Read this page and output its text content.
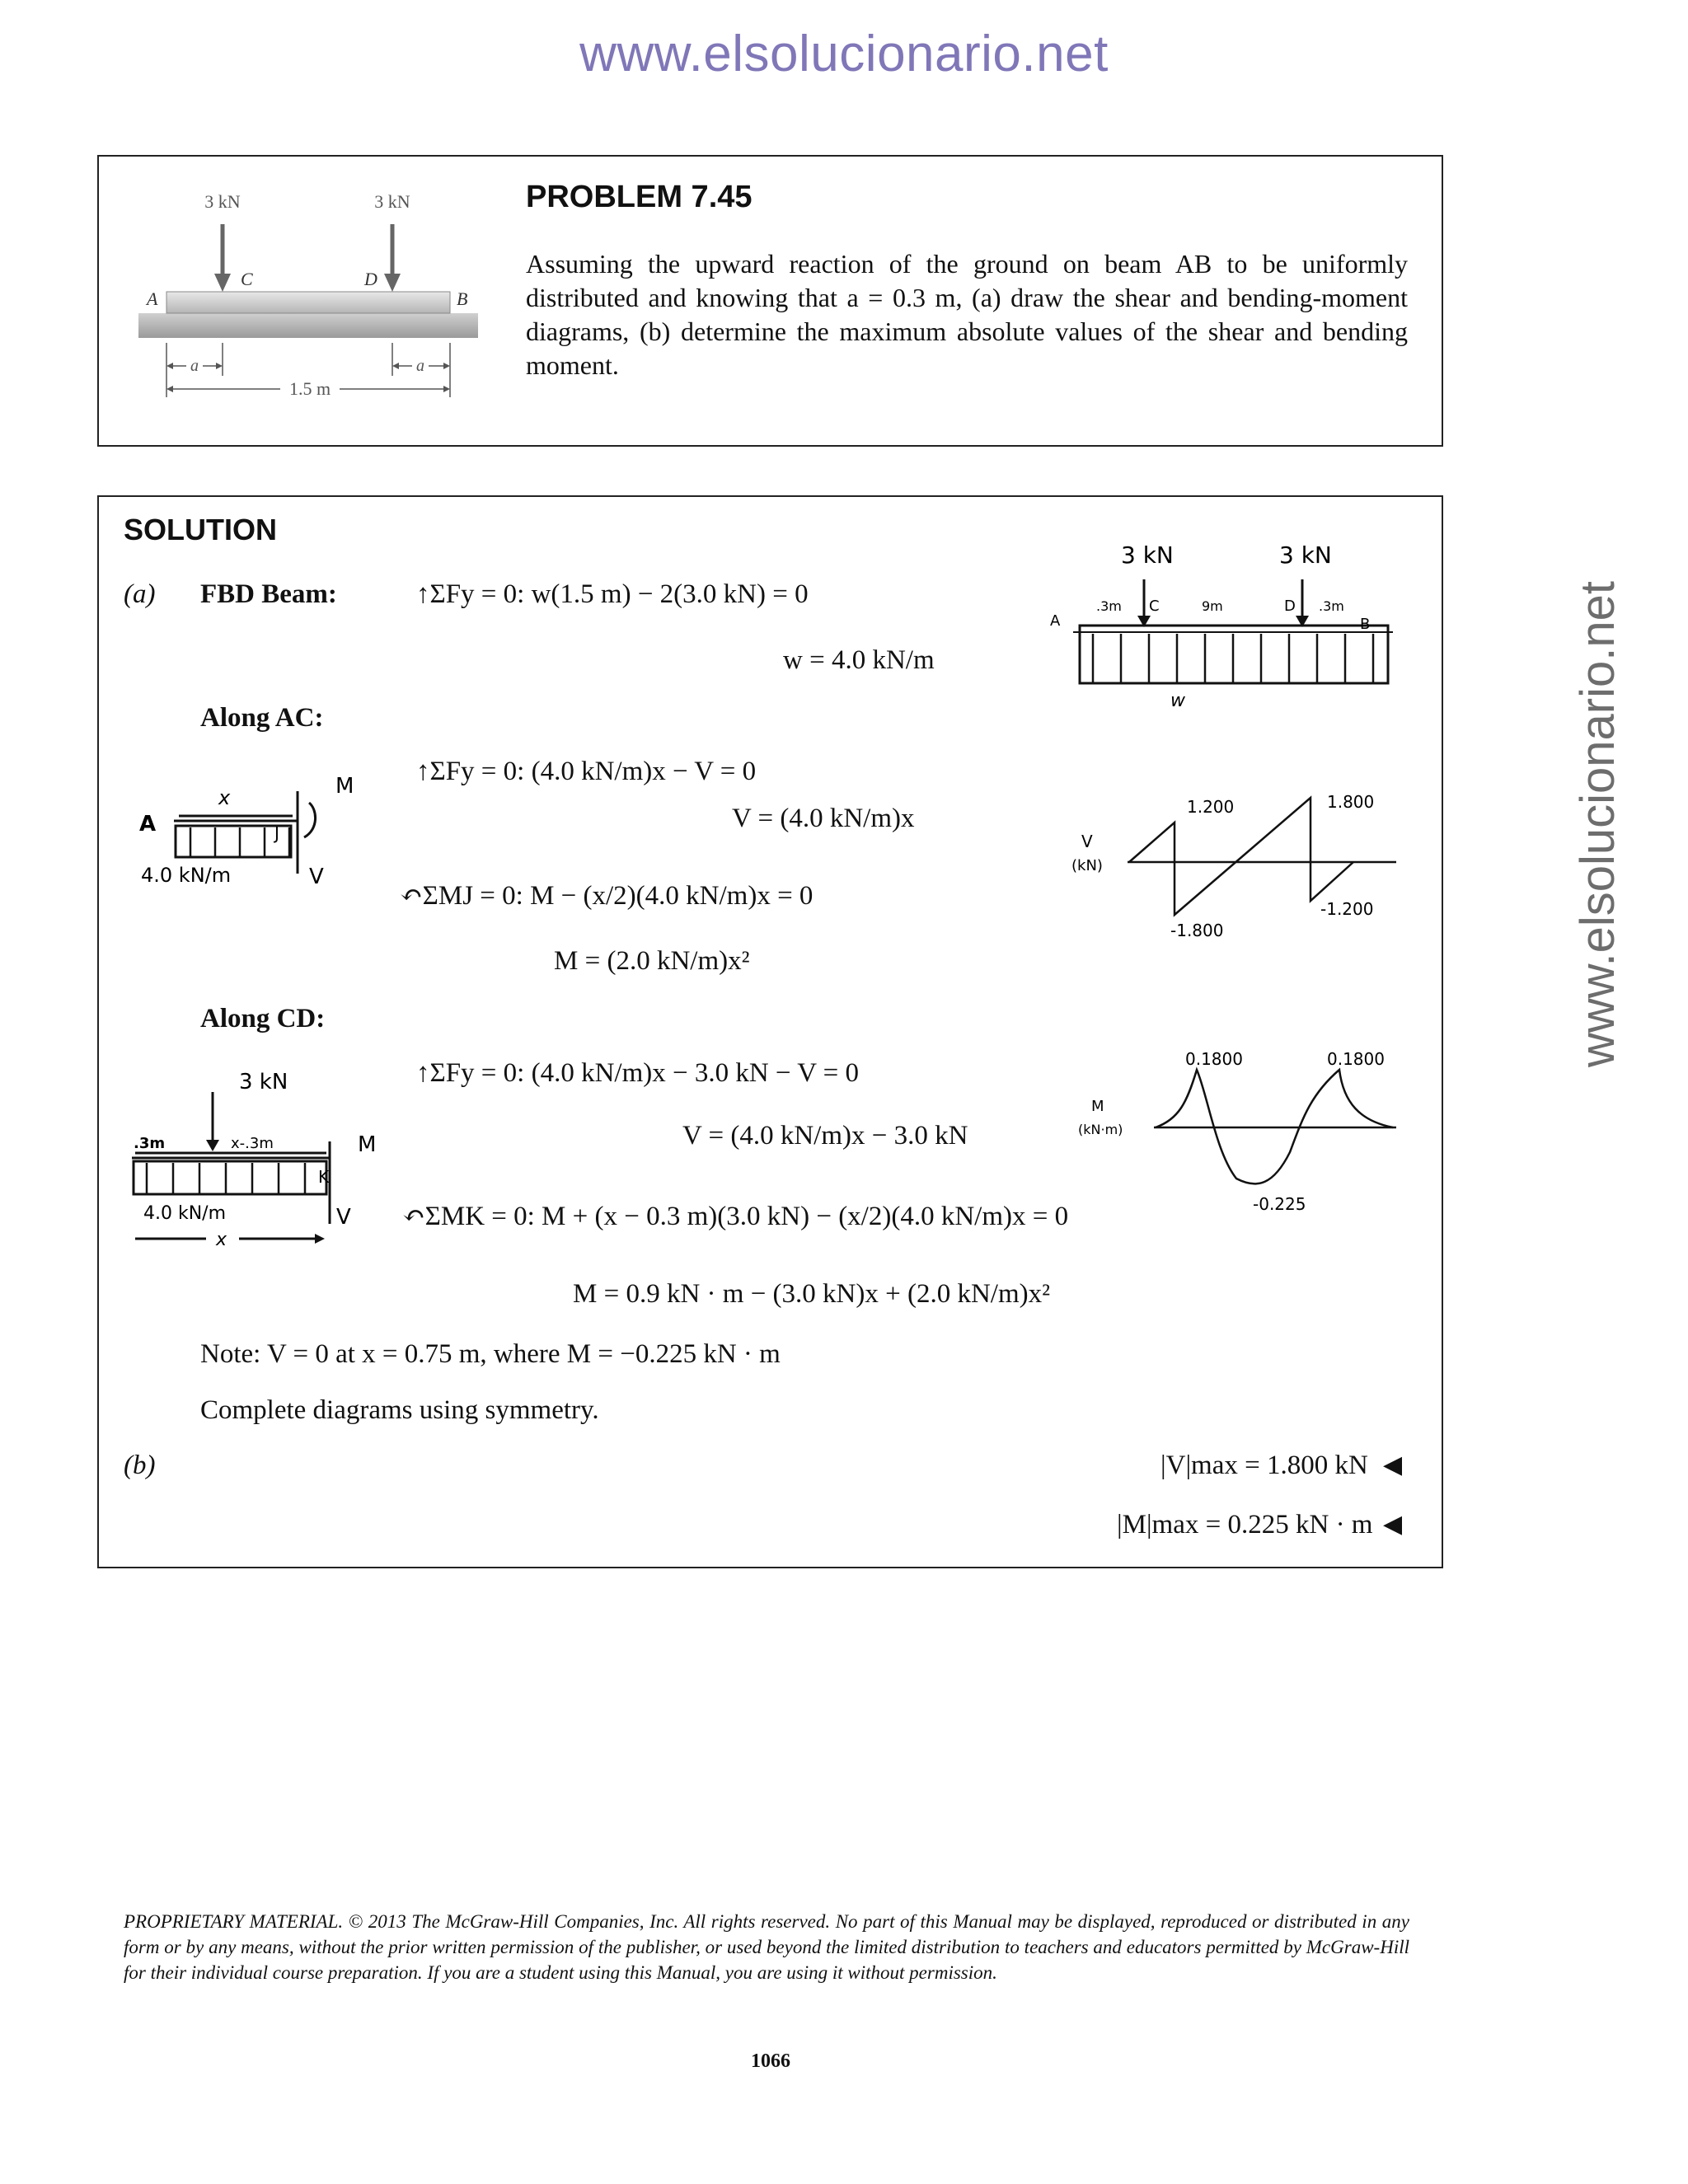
www.elsolucionario.net
www.elsolucionario.net
3 kN	3 kN
C	D
A	B
a	a
1.5 m
PROBLEM 7.45
Assuming the upward reaction of the ground on beam AB to be uniformly distributed and knowing that a = 0.3 m, (a) draw the shear and bending-moment diagrams, (b) determine the maximum absolute values of the shear and bending moment.
SOLUTION
(a) FBD Beam:	↑ΣFy = 0: w(1.5 m) − 2(3.0 kN) = 0
w = 4.0 kN/m
Along AC:
↑ΣFy = 0: (4.0 kN/m)x − V = 0
V = (4.0 kN/m)x
↶ΣMJ = 0: M − (x/2)(4.0 kN/m)x = 0
M = (2.0 kN/m)x²
Along CD:
↑ΣFy = 0: (4.0 kN/m)x − 3.0 kN − V = 0
V = (4.0 kN/m)x − 3.0 kN
↶ΣMK = 0: M + (x − 0.3 m)(3.0 kN) − (x/2)(4.0 kN/m)x = 0
M = 0.9 kN · m − (3.0 kN)x + (2.0 kN/m)x²
Note: V = 0 at x = 0.75 m, where M = −0.225 kN · m
Complete diagrams using symmetry.
(b)	|V|max = 1.800 kN ◀
|M|max = 0.225 kN · m ◀
3 kN	3 kN
A	B
.3m C	9m	D .3m
w
V
(kN)
1.200	1.800
-1.800
-1.200
M
(kN·m)
0.1800	0.1800
-0.225
A
x
J
M
4.0 kN/m	V
3 kN
.3m	x-.3m
K
M
4.0 kN/m	V
x
PROPRIETARY MATERIAL. © 2013 The McGraw-Hill Companies, Inc. All rights reserved. No part of this Manual may be displayed, reproduced or distributed in any form or by any means, without the prior written permission of the publisher, or used beyond the limited distribution to teachers and educators permitted by McGraw-Hill for their individual course preparation. If you are a student using this Manual, you are using it without permission.
1066
